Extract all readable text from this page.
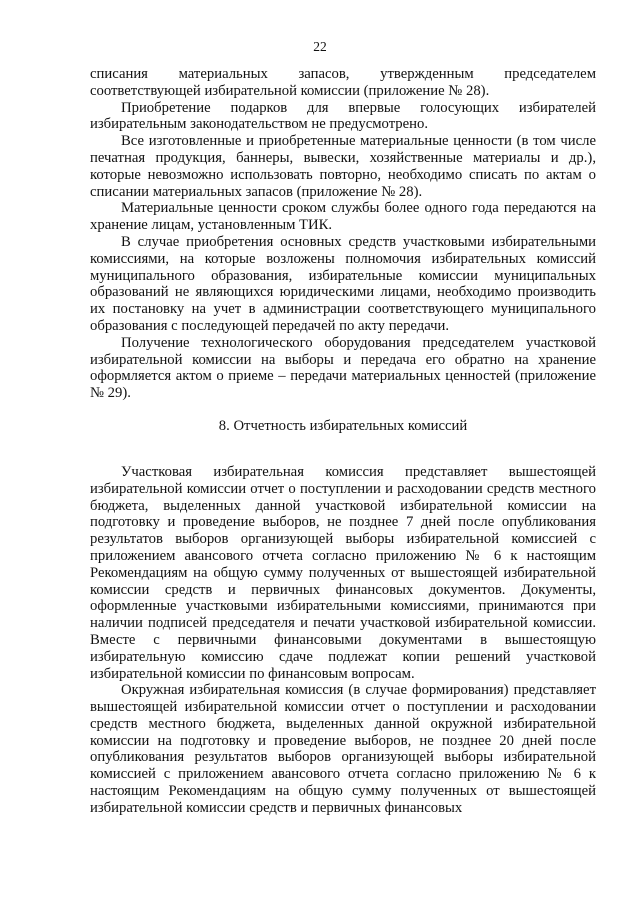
22

списания материальных запасов, утвержденным председателем соответствующей избирательной комиссии (приложение № 28).

Приобретение подарков для впервые голосующих избирателей избирательным законодательством не предусмотрено.

Все изготовленные и приобретенные материальные ценности (в том числе печатная продукция, баннеры, вывески, хозяйственные материалы и др.), которые невозможно использовать повторно, необходимо списать по актам о списании материальных запасов (приложение № 28).

Материальные ценности сроком службы более одного года передаются на хранение лицам, установленным ТИК.

В случае приобретения основных средств участковыми избирательными комиссиями, на которые возложены полномочия избирательных комиссий муниципального образования, избирательные комиссии муниципальных образований не являющихся юридическими лицами, необходимо производить их постановку на учет в администрации соответствующего муниципального образования с последующей передачей по акту передачи.

Получение технологического оборудования председателем участковой избирательной комиссии на выборы и передача его обратно на хранение оформляется актом о приеме – передачи материальных ценностей (приложение № 29).

8. Отчетность избирательных комиссий

Участковая избирательная комиссия представляет вышестоящей избирательной комиссии отчет о поступлении и расходовании средств местного бюджета, выделенных данной участковой избирательной комиссии на подготовку и проведение выборов, не позднее 7 дней после опубликования результатов выборов организующей выборы избирательной комиссией с приложением авансового отчета согласно приложению № 6 к настоящим Рекомендациям на общую сумму полученных от вышестоящей избирательной комиссии средств и первичных финансовых документов. Документы, оформленные участковыми избирательными комиссиями, принимаются при наличии подписей председателя и печати участковой избирательной комиссии. Вместе с первичными финансовыми документами в вышестоящую избирательную комиссию сдаче подлежат копии решений участковой избирательной комиссии по финансовым вопросам.

Окружная избирательная комиссия (в случае формирования) представляет вышестоящей избирательной комиссии отчет о поступлении и расходовании средств местного бюджета, выделенных данной окружной избирательной комиссии на подготовку и проведение выборов, не позднее 20 дней после опубликования результатов выборов организующей выборы избирательной комиссией с приложением авансового отчета согласно приложению № 6 к настоящим Рекомендациям на общую сумму полученных от вышестоящей избирательной комиссии средств и первичных финансовых
